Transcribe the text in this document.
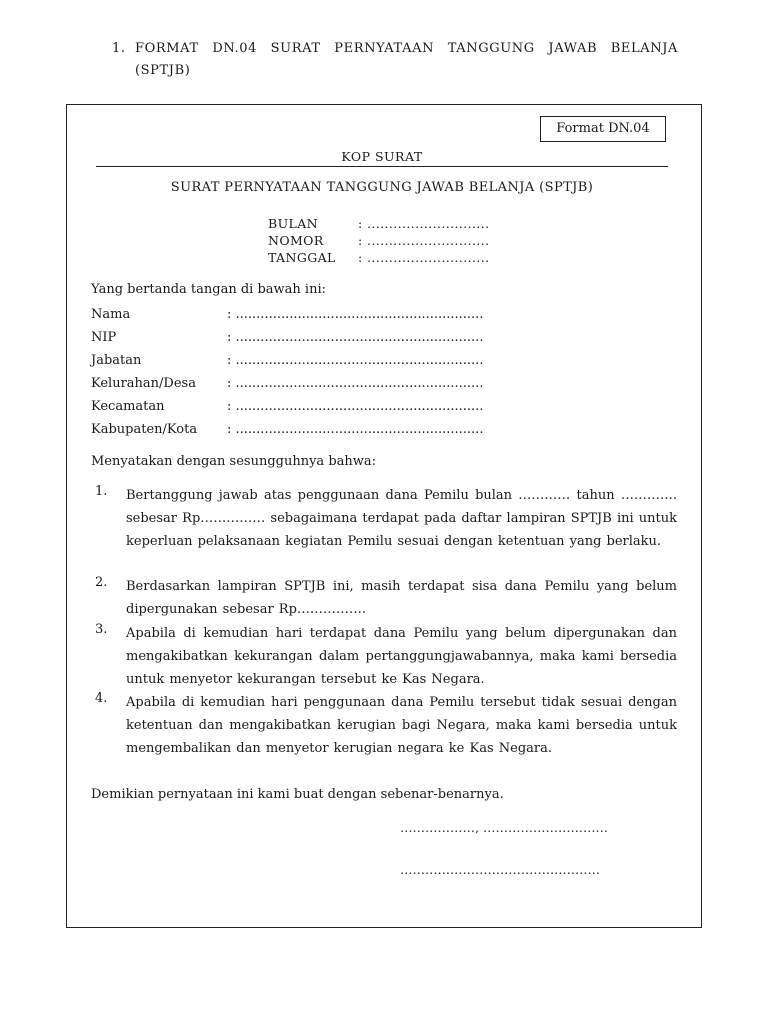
1. FORMAT DN.04 SURAT PERNYATAAN TANGGUNG JAWAB BELANJA
(SPTJB)
Format DN.04
KOP SURAT
SURAT PERNYATAAN TANGGUNG JAWAB BELANJA (SPTJB)
BULAN	: ............................
NOMOR	: ............................
TANGGAL : ............................
Yang bertanda tangan di bawah ini:
Nama	: ............................................................
NIP	: ............................................................
Jabatan	: ............................................................
Kelurahan/Desa : ............................................................
Kecamatan	: ............................................................
Kabupaten/Kota : ............................................................
Menyatakan dengan sesungguhnya bahwa:
1. Bertanggung jawab atas penggunaan dana Pemilu bulan ………… tahun …………. sebesar Rp…………… sebagaimana terdapat pada daftar lampiran SPTJB ini untuk keperluan pelaksanaan kegiatan Pemilu sesuai dengan ketentuan yang berlaku.
2. Berdasarkan lampiran SPTJB ini, masih terdapat sisa dana Pemilu yang belum dipergunakan sebesar Rp…………….
3. Apabila di kemudian hari terdapat dana Pemilu yang belum dipergunakan dan mengakibatkan kekurangan dalam pertanggungjawabannya, maka kami bersedia untuk menyetor kekurangan tersebut ke Kas Negara.
4. Apabila di kemudian hari penggunaan dana Pemilu tersebut tidak sesuai dengan ketentuan dan mengakibatkan kerugian bagi Negara, maka kami bersedia untuk mengembalikan dan menyetor kerugian negara ke Kas Negara.
Demikian pernyataan ini kami buat dengan sebenar-benarnya.
………………, …………………………
…………………………………………
